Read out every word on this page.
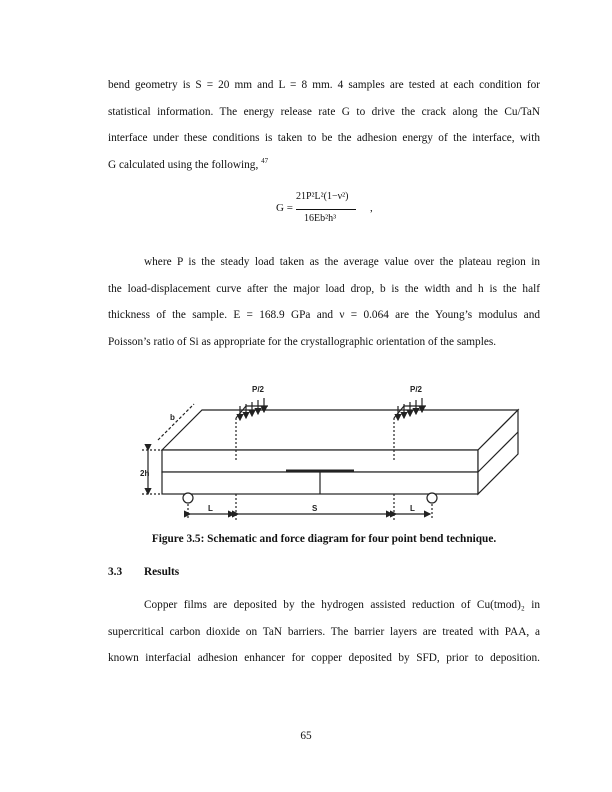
bend geometry is S = 20 mm and L = 8 mm. 4 samples are tested at each condition for
statistical information. The energy release rate G to drive the crack along the Cu/TaN
interface under these conditions is taken to be the adhesion energy of the interface, with
G calculated using the following, $^{47}$
G =
21P²L²(1−ν²)
16Eb²h³
,
where P is the steady load taken as the average value over the plateau region in
the load-displacement curve after the major load drop, b is the width and h is the half
thickness of the sample. E = 168.9 GPa and ν = 0.064 are the Young’s modulus and
Poisson’s ratio of Si as appropriate for the crystallographic orientation of the samples.
P/2	P/2
b
2h
L	S	L
Figure 3.5: Schematic and force diagram for four point bend technique.
3.3 Results
Copper films are deposited by the hydrogen assisted reduction of Cu(tmod)₂ in
supercritical carbon dioxide on TaN barriers. The barrier layers are treated with PAA, a
known interfacial adhesion enhancer for copper deposited by SFD, prior to deposition.
65
